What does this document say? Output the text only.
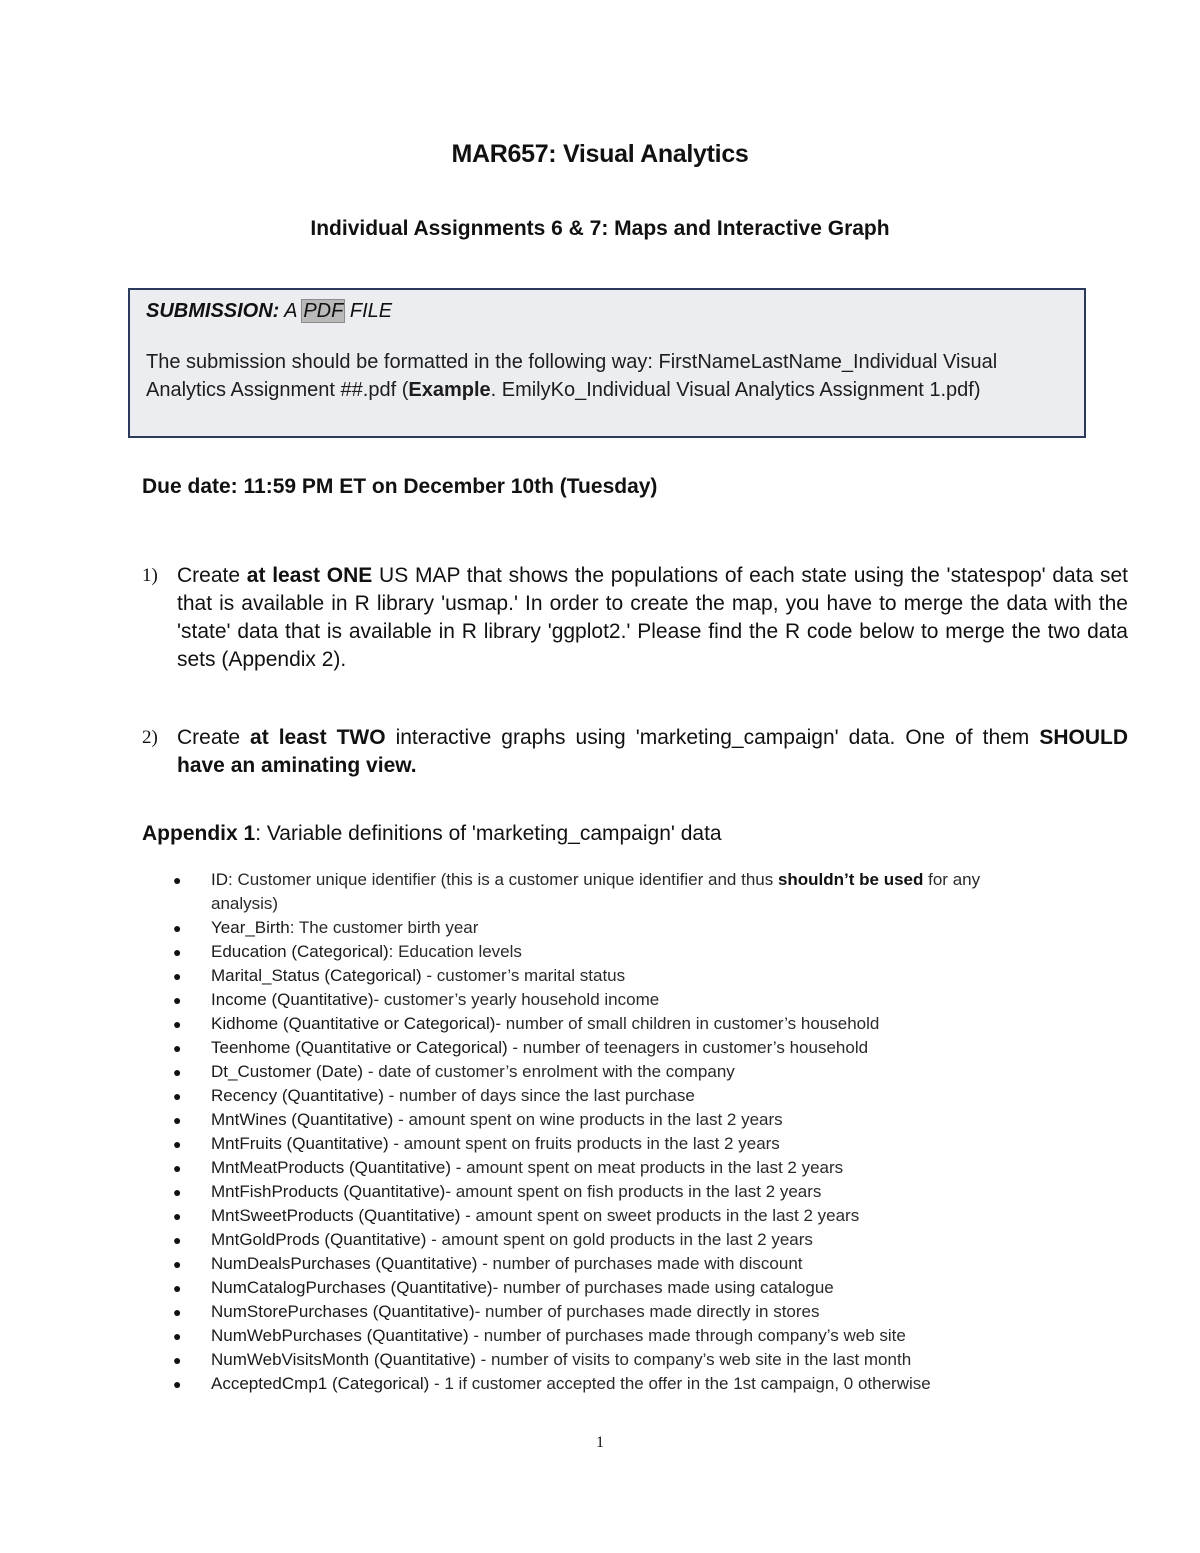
MAR657: Visual Analytics
Individual Assignments 6 & 7: Maps and Interactive Graph
SUBMISSION: A PDF FILE
The submission should be formatted in the following way: FirstNameLastName_Individual Visual Analytics Assignment ##.pdf (Example. EmilyKo_Individual Visual Analytics Assignment 1.pdf)
Due date: 11:59 PM ET on December 10th (Tuesday)
1) Create at least ONE US MAP that shows the populations of each state using the 'statespop' data set that is available in R library 'usmap.' In order to create the map, you have to merge the data with the 'state' data that is available in R library 'ggplot2.' Please find the R code below to merge the two data sets (Appendix 2).
2) Create at least TWO interactive graphs using 'marketing_campaign' data. One of them SHOULD have an aminating view.
Appendix 1: Variable definitions of 'marketing_campaign' data
● ID: Customer unique identifier (this is a customer unique identifier and thus shouldn’t be used for any analysis)
● Year_Birth: The customer birth year
● Education (Categorical): Education levels
● Marital_Status (Categorical) - customer’s marital status
● Income (Quantitative)- customer’s yearly household income
● Kidhome (Quantitative or Categorical)- number of small children in customer’s household
● Teenhome (Quantitative or Categorical) - number of teenagers in customer’s household
● Dt_Customer (Date) - date of customer’s enrolment with the company
● Recency (Quantitative) - number of days since the last purchase
● MntWines (Quantitative) - amount spent on wine products in the last 2 years
● MntFruits (Quantitative) - amount spent on fruits products in the last 2 years
● MntMeatProducts (Quantitative) - amount spent on meat products in the last 2 years
● MntFishProducts (Quantitative)- amount spent on fish products in the last 2 years
● MntSweetProducts (Quantitative) - amount spent on sweet products in the last 2 years
● MntGoldProds (Quantitative) - amount spent on gold products in the last 2 years
● NumDealsPurchases (Quantitative) - number of purchases made with discount
● NumCatalogPurchases (Quantitative)- number of purchases made using catalogue
● NumStorePurchases (Quantitative)- number of purchases made directly in stores
● NumWebPurchases (Quantitative) - number of purchases made through company’s web site
● NumWebVisitsMonth (Quantitative) - number of visits to company’s web site in the last month
● AcceptedCmp1 (Categorical) - 1 if customer accepted the offer in the 1st campaign, 0 otherwise
1
